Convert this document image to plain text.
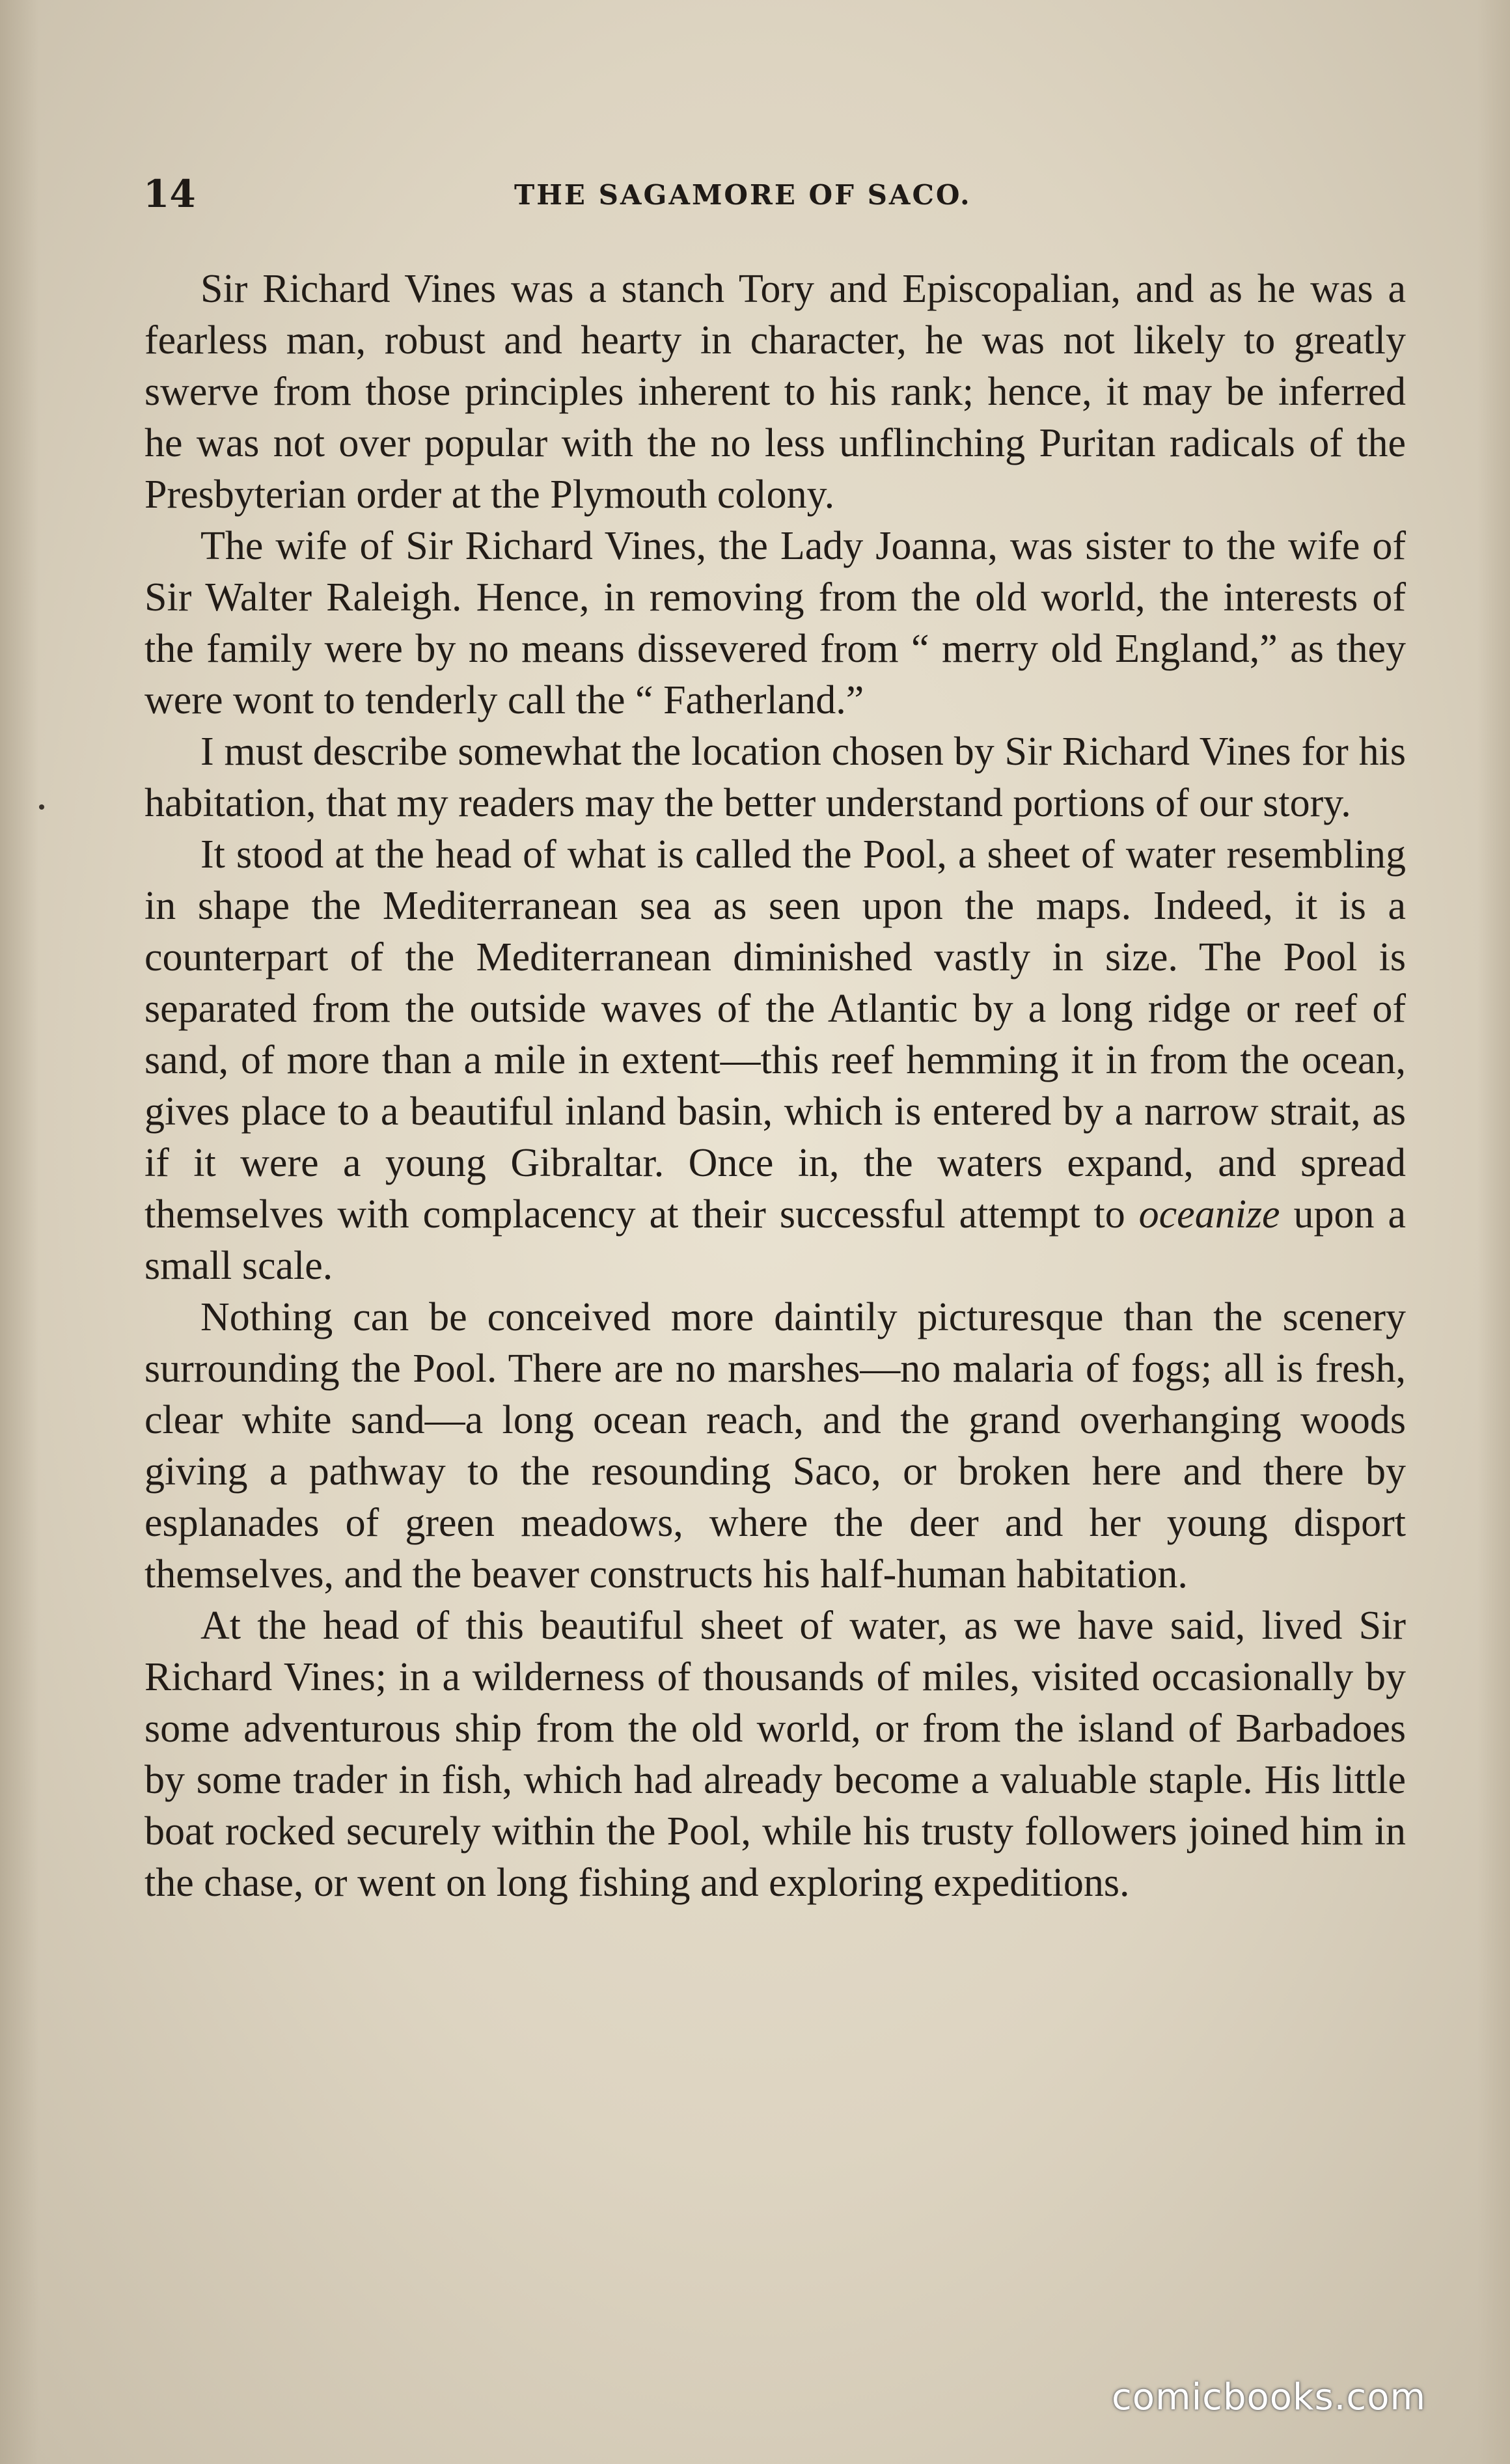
14	THE SAGAMORE OF SACO.

Sir Richard Vines was a stanch Tory and Episcopalian, and as he was a fearless man, robust and hearty in character, he was not likely to greatly swerve from those principles inherent to his rank; hence, it may be inferred he was not over popular with the no less unflinching Puritan radicals of the Presbyterian order at the Plymouth colony.

The wife of Sir Richard Vines, the Lady Joanna, was sister to the wife of Sir Walter Raleigh. Hence, in removing from the old world, the interests of the family were by no means dissevered from “ merry old England,” as they were wont to tenderly call the “ Fatherland.”

I must describe somewhat the location chosen by Sir Richard Vines for his habitation, that my readers may the better understand portions of our story.

It stood at the head of what is called the Pool, a sheet of water resembling in shape the Mediterranean sea as seen upon the maps. Indeed, it is a counterpart of the Mediterranean diminished vastly in size. The Pool is separated from the outside waves of the Atlantic by a long ridge or reef of sand, of more than a mile in extent—this reef hemming it in from the ocean, gives place to a beautiful inland basin, which is entered by a narrow strait, as if it were a young Gibraltar. Once in, the waters expand, and spread themselves with complacency at their successful attempt to oceanize upon a small scale.

Nothing can be conceived more daintily picturesque than the scenery surrounding the Pool. There are no marshes—no malaria of fogs; all is fresh, clear white sand—a long ocean reach, and the grand overhanging woods giving a pathway to the resounding Saco, or broken here and there by esplanades of green meadows, where the deer and her young disport themselves, and the beaver constructs his half-human habitation.

At the head of this beautiful sheet of water, as we have said, lived Sir Richard Vines; in a wilderness of thousands of miles, visited occasionally by some adventurous ship from the old world, or from the island of Barbadoes by some trader in fish, which had already become a valuable staple. His little boat rocked securely within the Pool, while his trusty followers joined him in the chase, or went on long fishing and exploring expeditions.

comicbooks.com
